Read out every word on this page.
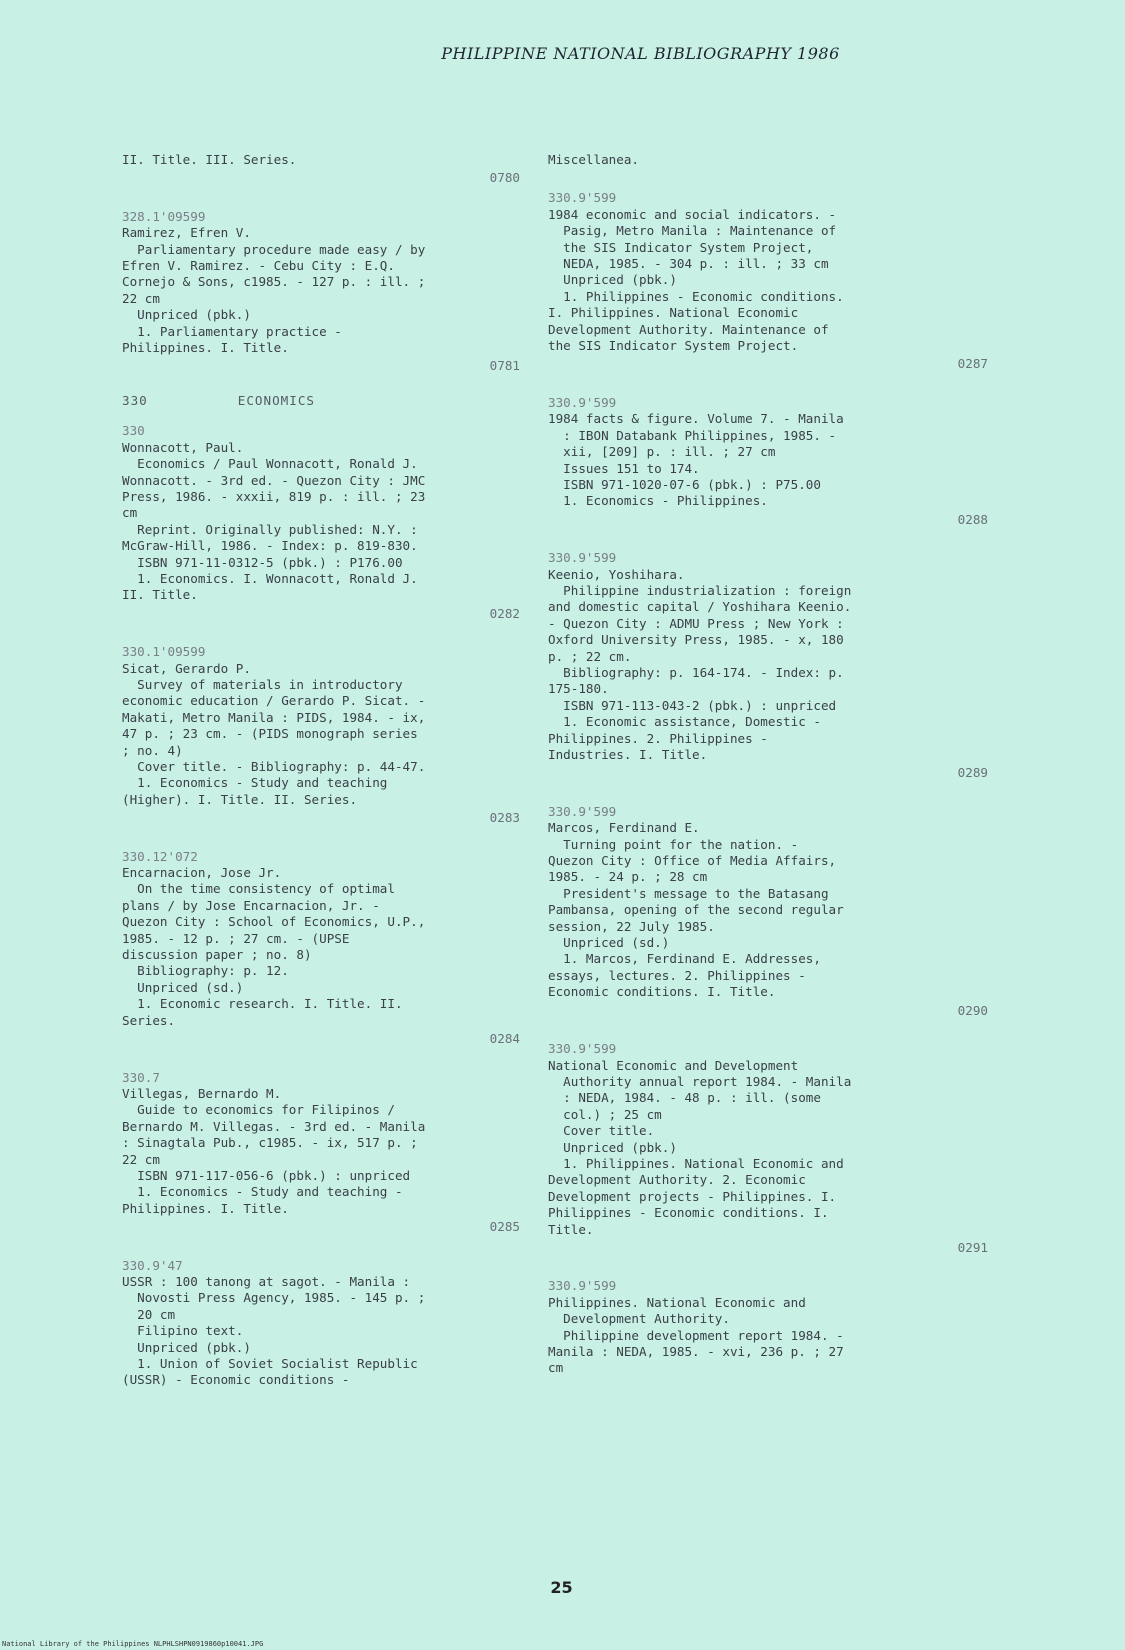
PHILIPPINE NATIONAL BIBLIOGRAPHY 1986
II. Title. III. Series.
0780
328.1'09599
Ramirez, Efren V.
Parliamentary procedure made easy / by
Efren V. Ramirez. - Cebu City : E.Q.
Cornejo & Sons, c1985. - 127 p. : ill. ;
22 cm
Unpriced (pbk.)
1. Parliamentary practice -
Philippines. I. Title.
0781
330	ECONOMICS
330
Wonnacott, Paul.
Economics / Paul Wonnacott, Ronald J.
Wonnacott. - 3rd ed. - Quezon City : JMC
Press, 1986. - xxxii, 819 p. : ill. ; 23
cm
Reprint. Originally published: N.Y. :
McGraw-Hill, 1986. - Index: p. 819-830.
ISBN 971-11-0312-5 (pbk.) : P176.00
1. Economics. I. Wonnacott, Ronald J.
II. Title.
0282
330.1'09599
Sicat, Gerardo P.
Survey of materials in introductory
economic education / Gerardo P. Sicat. -
Makati, Metro Manila : PIDS, 1984. - ix,
47 p. ; 23 cm. - (PIDS monograph series
; no. 4)
Cover title. - Bibliography: p. 44-47.
1. Economics - Study and teaching
(Higher). I. Title. II. Series.
0283
330.12'072
Encarnacion, Jose Jr.
On the time consistency of optimal
plans / by Jose Encarnacion, Jr. -
Quezon City : School of Economics, U.P.,
1985. - 12 p. ; 27 cm. - (UPSE
discussion paper ; no. 8)
Bibliography: p. 12.
Unpriced (sd.)
1. Economic research. I. Title. II.
Series.
0284
330.7
Villegas, Bernardo M.
Guide to economics for Filipinos /
Bernardo M. Villegas. - 3rd ed. - Manila
: Sinagtala Pub., c1985. - ix, 517 p. ;
22 cm
ISBN 971-117-056-6 (pbk.) : unpriced
1. Economics - Study and teaching -
Philippines. I. Title.
0285
330.9'47
USSR : 100 tanong at sagot. - Manila :
Novosti Press Agency, 1985. - 145 p. ;
20 cm
Filipino text.
Unpriced (pbk.)
1. Union of Soviet Socialist Republic
(USSR) - Economic conditions -
Miscellanea.
330.9'599
1984 economic and social indicators. -
Pasig, Metro Manila : Maintenance of
the SIS Indicator System Project,
NEDA, 1985. - 304 p. : ill. ; 33 cm
Unpriced (pbk.)
1. Philippines - Economic conditions.
I. Philippines. National Economic
Development Authority. Maintenance of
the SIS Indicator System Project.
0287
330.9'599
1984 facts & figure. Volume 7. - Manila
: IBON Databank Philippines, 1985. -
xii, [209] p. : ill. ; 27 cm
Issues 151 to 174.
ISBN 971-1020-07-6 (pbk.) : P75.00
1. Economics - Philippines.
0288
330.9'599
Keenio, Yoshihara.
Philippine industrialization : foreign
and domestic capital / Yoshihara Keenio.
- Quezon City : ADMU Press ; New York :
Oxford University Press, 1985. - x, 180
p. ; 22 cm.
Bibliography: p. 164-174. - Index: p.
175-180.
ISBN 971-113-043-2 (pbk.) : unpriced
1. Economic assistance, Domestic -
Philippines. 2. Philippines -
Industries. I. Title.
0289
330.9'599
Marcos, Ferdinand E.
Turning point for the nation. -
Quezon City : Office of Media Affairs,
1985. - 24 p. ; 28 cm
President's message to the Batasang
Pambansa, opening of the second regular
session, 22 July 1985.
Unpriced (sd.)
1. Marcos, Ferdinand E. Addresses,
essays, lectures. 2. Philippines -
Economic conditions. I. Title.
0290
330.9'599
National Economic and Development
Authority annual report 1984. - Manila
: NEDA, 1984. - 48 p. : ill. (some
col.) ; 25 cm
Cover title.
Unpriced (pbk.)
1. Philippines. National Economic and
Development Authority. 2. Economic
Development projects - Philippines. I.
Philippines - Economic conditions. I.
Title.
0291
330.9'599
Philippines. National Economic and
Development Authority.
Philippine development report 1984. -
Manila : NEDA, 1985. - xvi, 236 p. ; 27
cm
25
National Library of the Philippines NLPHLSHPN0919860p10041.JPG
